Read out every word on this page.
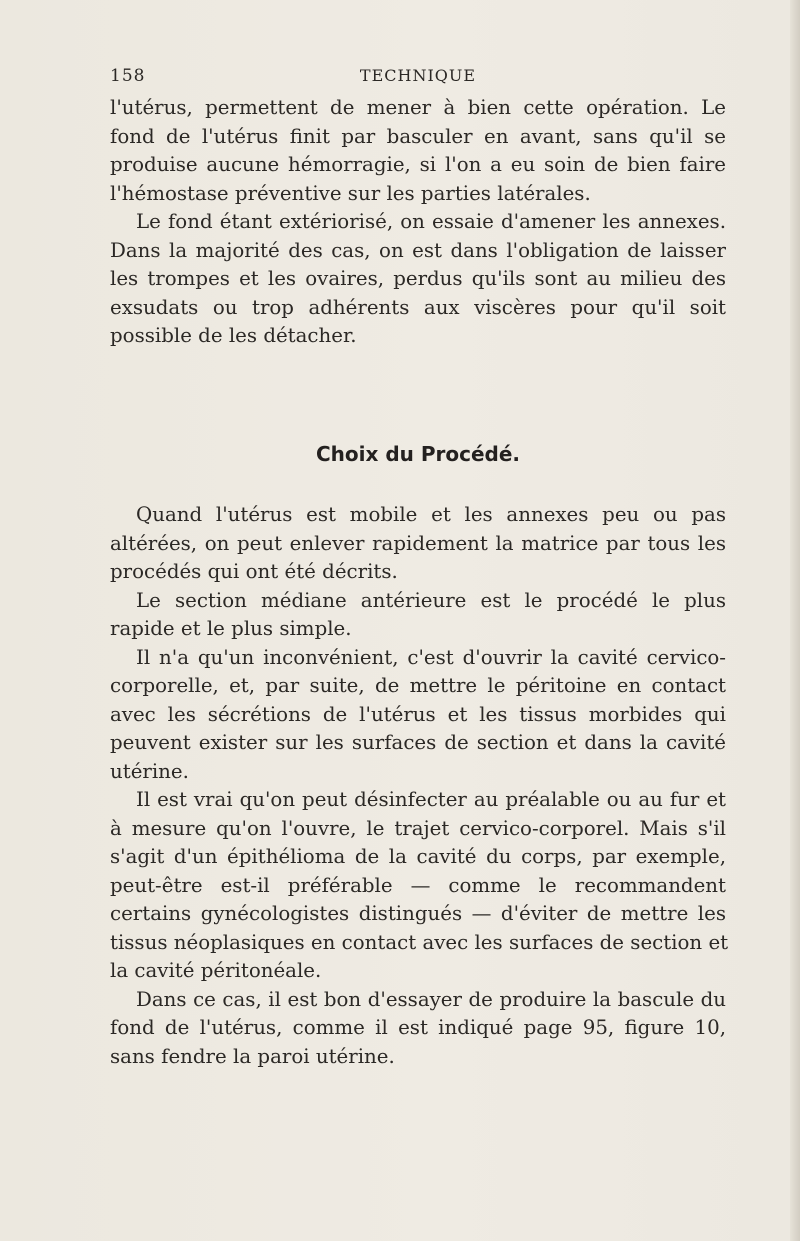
158	TECHNIQUE
l'utérus, permettent de mener à bien cette opération. Le
fond de l'utérus finit par basculer en avant, sans qu'il se
produise aucune hémorragie, si l'on a eu soin de bien faire
l'hémostase préventive sur les parties latérales.
Le fond étant extériorisé, on essaie d'amener les annexes.
Dans la majorité des cas, on est dans l'obligation de laisser
les trompes et les ovaires, perdus qu'ils sont au milieu des
exsudats ou trop adhérents aux viscères pour qu'il soit
possible de les détacher.
Choix du Procédé.
Quand l'utérus est mobile et les annexes peu ou pas
altérées, on peut enlever rapidement la matrice par tous les
procédés qui ont été décrits.
Le section médiane antérieure est le procédé le plus
rapide et le plus simple.
Il n'a qu'un inconvénient, c'est d'ouvrir la cavité cervico-
corporelle, et, par suite, de mettre le péritoine en contact
avec les sécrétions de l'utérus et les tissus morbides qui
peuvent exister sur les surfaces de section et dans la cavité
utérine.
Il est vrai qu'on peut désinfecter au préalable ou au fur et
à mesure qu'on l'ouvre, le trajet cervico-corporel. Mais s'il
s'agit d'un épithélioma de la cavité du corps, par exemple,
peut-être est-il préférable — comme le recommandent
certains gynécologistes distingués — d'éviter de mettre les
tissus néoplasiques en contact avec les surfaces de section et
la cavité péritonéale.
Dans ce cas, il est bon d'essayer de produire la bascule du
fond de l'utérus, comme il est indiqué page 95, figure 10,
sans fendre la paroi utérine.
